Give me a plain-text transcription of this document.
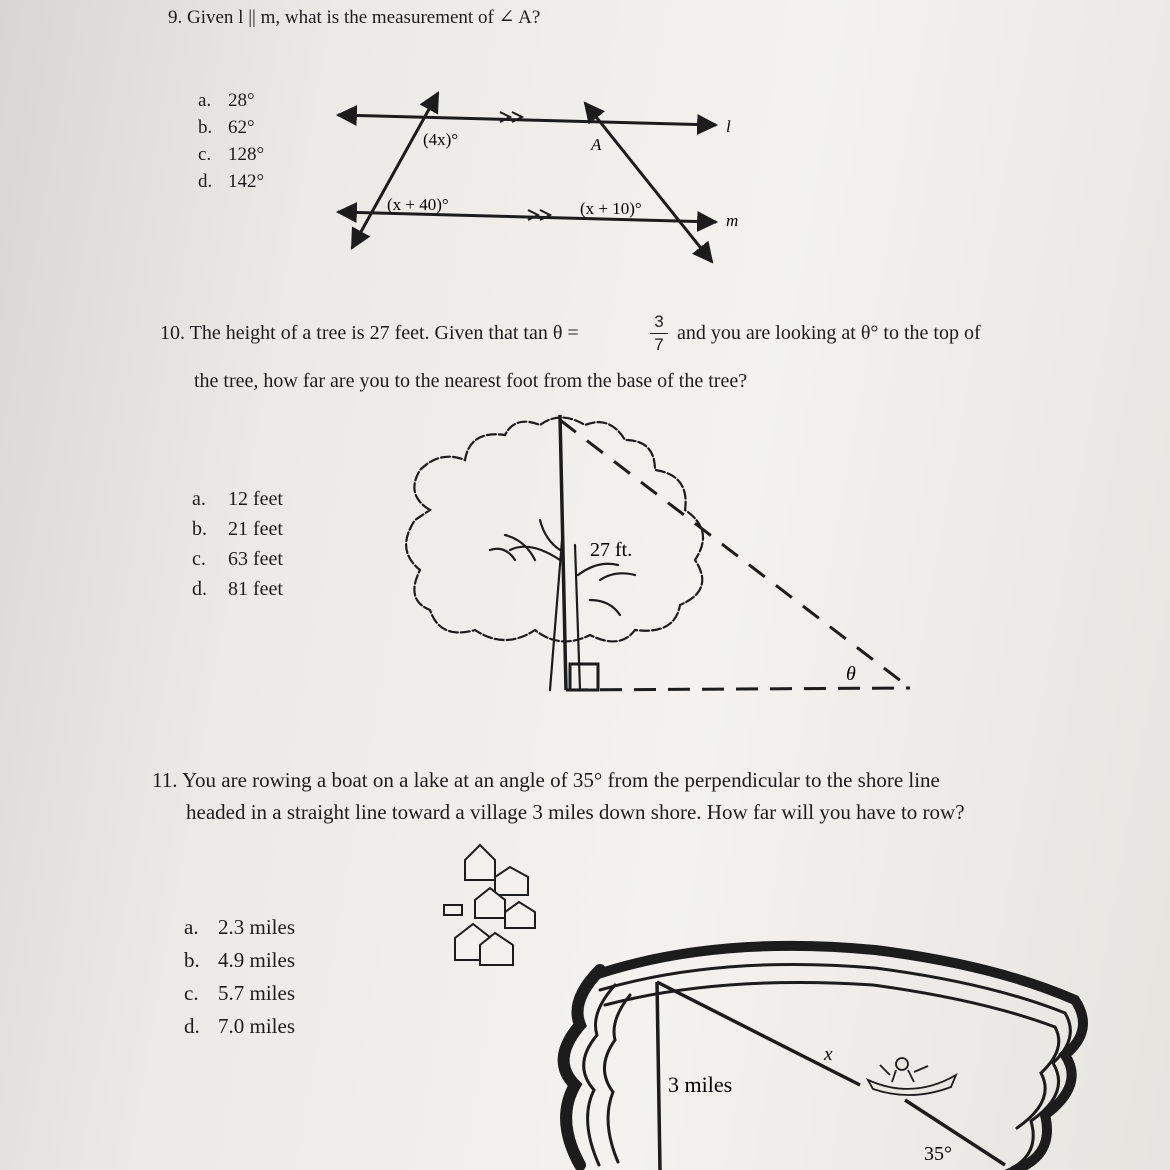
9. Given l || m, what is the measurement of ∠ A?
a. 28°
b. 62°
c. 128°
d. 142°
10. The height of a tree is 27 feet. Given that tan θ =
3
7
and you are looking at θ° to the top of
the tree, how far are you to the nearest foot from the base of the tree?
a. 12 feet
b. 21 feet
c. 63 feet
d. 81 feet
11. You are rowing a boat on a lake at an angle of 35° from the perpendicular to the shore line
headed in a straight line toward a village 3 miles down shore. How far will you have to row?
a. 2.3 miles
b. 4.9 miles
c. 5.7 miles
d. 7.0 miles
(4x)°	A
(x + 40)°	(x + 10)°
l
m
27 ft.
θ
3 miles
x
35°
